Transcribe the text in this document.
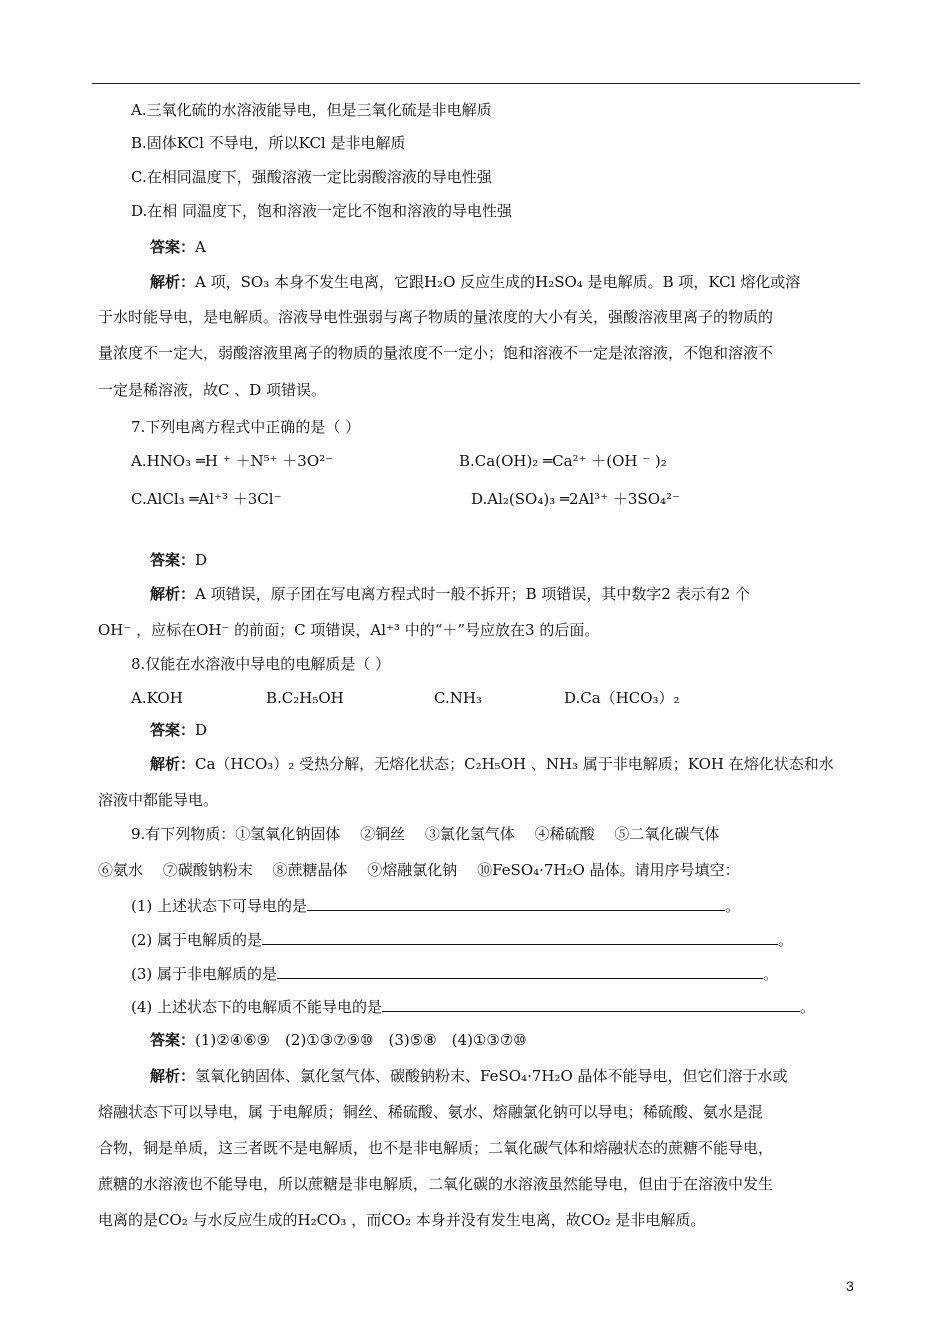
A.三氧化硫的水溶液能导电，但是三氧化硫是非电解质
B.固体KCl 不导电，所以KCl 是非电解质
C.在相同温度下，强酸溶液一定比弱酸溶液的导电性强
D.在相 同温度下，饱和溶液一定比不饱和溶液的导电性强
答案：A
解析：A 项，SO₃ 本身不发生电离，它跟H₂O 反应生成的H₂SO₄ 是电解质。B 项，KCl 熔化或溶
于水时能导电，是电解质。溶液导电性强弱与离子物质的量浓度的大小有关，强酸溶液里离子的物质的
量浓度不一定大，弱酸溶液里离子的物质的量浓度不一定小；饱和溶液不一定是浓溶液，不饱和溶液不
一定是稀溶液，故C 、D 项错误。
7.下列电离方程式中正确的是（ ）
A.HNO₃ ═H ⁺ ＋N⁵⁺ ＋3O²⁻	B.Ca(OH)₂ ═Ca²⁺ ＋(OH ⁻ )₂
C.AlCl₃ ═Al⁺³ ＋3Cl⁻	D.Al₂(SO₄)₃ ═2Al³⁺ ＋3SO₄²⁻
答案：D
解析：A 项错误，原子团在写电离方程式时一般不拆开；B 项错误，其中数字2 表示有2 个
OH⁻ ，应标在OH⁻ 的前面；C 项错误，Al⁺³ 中的“＋”号应放在3 的后面。
8.仅能在水溶液中导电的电解质是（ ）
A.KOH	B.C₂H₅OH	C.NH₃	D.Ca（HCO₃）₂
答案：D
解析：Ca（HCO₃）₂ 受热分解，无熔化状态；C₂H₅OH 、NH₃ 属于非电解质；KOH 在熔化状态和水
溶液中都能导电。
9.有下列物质：①氢氧化钠固体　 ②铜丝　 ③氯化氢气体　 ④稀硫酸　 ⑤二氧化碳气体
⑥氨水　 ⑦碳酸钠粉末　 ⑧蔗糖晶体　 ⑨熔融氯化钠　 ⑩FeSO₄·7H₂O 晶体。请用序号填空：
(1) 上述状态下可导电的是	。
(2) 属于电解质的是	。
(3) 属于非电解质的是	。
(4) 上述状态下的电解质不能导电的是	。
答案：(1)②④⑥⑨　(2)①③⑦⑨⑩　(3)⑤⑧　(4)①③⑦⑩
解析：氢氧化钠固体、氯化氢气体、碳酸钠粉末、FeSO₄·7H₂O 晶体不能导电，但它们溶于水或
熔融状态下可以导电，属 于电解质；铜丝、稀硫酸、氨水、熔融氯化钠可以导电；稀硫酸、氨水是混
合物，铜是单质，这三者既不是电解质，也不是非电解质；二氧化碳气体和熔融状态的蔗糖不能导电，
蔗糖的水溶液也不能导电，所以蔗糖是非电解质，二氧化碳的水溶液虽然能导电，但由于在溶液中发生
电离的是CO₂ 与水反应生成的H₂CO₃ ，而CO₂ 本身并没有发生电离，故CO₂ 是非电解质。
3
